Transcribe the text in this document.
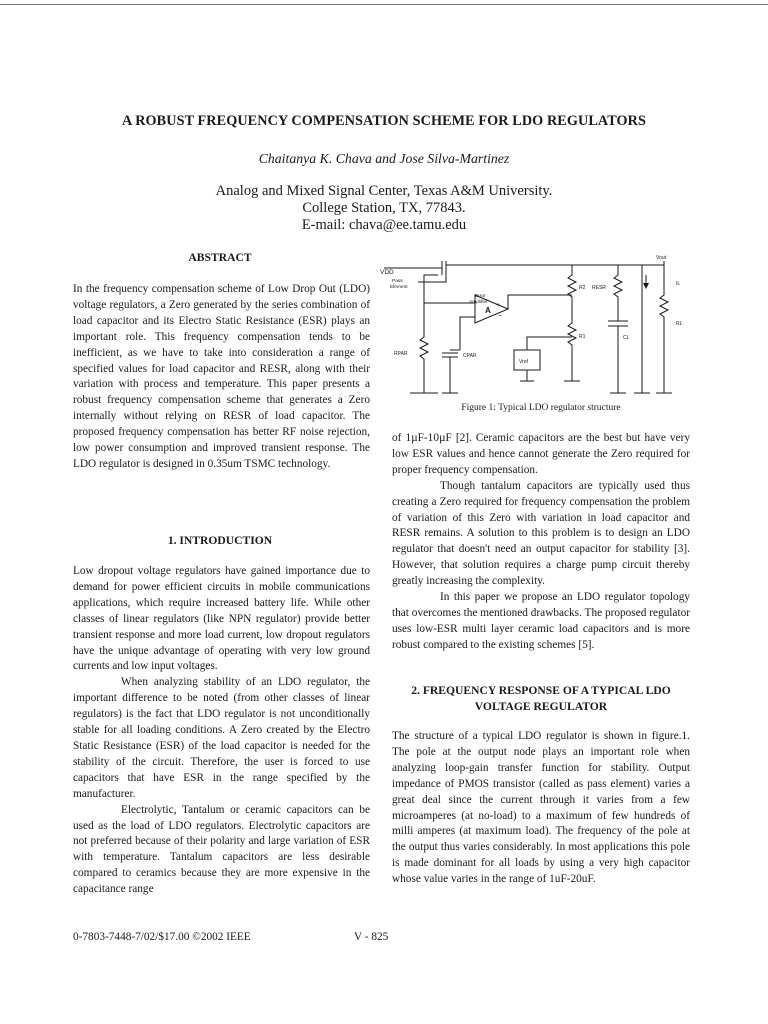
A ROBUST FREQUENCY COMPENSATION SCHEME FOR LDO REGULATORS
Chaitanya K. Chava and Jose Silva-Martinez
Analog and Mixed Signal Center, Texas A&M University.
College Station, TX, 77843.
E-mail: chava@ee.tamu.edu
ABSTRACT

In the frequency compensation scheme of Low Drop Out (LDO) voltage regulators, a Zero generated by the series combination of load capacitor and its Electro Static Resistance (ESR) plays an important role. This frequency compensation tends to be inefficient, as we have to take into consideration a range of specified values for load capacitor and RESR, along with their variation with process and temperature. This paper presents a robust frequency compensation scheme that generates a Zero internally without relying on RESR of load capacitor. The proposed frequency compensation has better RF noise rejection, low power consumption and improved transient response. The LDO regulator is designed in 0.35um TSMC technology.

1. INTRODUCTION

Low dropout voltage regulators have gained importance due to demand for power efficient circuits in mobile communications applications, which require increased battery life. While other classes of linear regulators (like NPN regulator) provide better transient response and more load current, low dropout regulators have the unique advantage of operating with very low ground currents and low input voltages.

When analyzing stability of an LDO regulator, the important difference to be noted (from other classes of linear regulators) is the fact that LDO regulator is not unconditionally stable for all loading conditions. A Zero created by the Electro Static Resistance (ESR) of the load capacitor is needed for the stability of the circuit. Therefore, the user is forced to use capacitors that have ESR in the range specified by the manufacturer.

Electrolytic, Tantalum or ceramic capacitors can be used as the load of LDO regulators. Electrolytic capacitors are not preferred because of their polarity and large variation of ESR with temperature. Tantalum capacitors are less desirable compared to ceramics because they are more expensive in the capacitance range

VDD
Pass
Element
Error
Amplifier
A
+
−
Vout
R2 RESR
R1	CL
IL
RL
RPAR	CPAR
Vref
Figure 1: Typical LDO regulator structure

of 1µF-10µF [2]. Ceramic capacitors are the best but have very low ESR values and hence cannot generate the Zero required for proper frequency compensation.

Though tantalum capacitors are typically used thus creating a Zero required for frequency compensation the problem of variation of this Zero with variation in load capacitor and RESR remains. A solution to this problem is to design an LDO regulator that doesn't need an output capacitor for stability [3]. However, that solution requires a charge pump circuit thereby greatly increasing the complexity.

In this paper we propose an LDO regulator topology that overcomes the mentioned drawbacks. The proposed regulator uses low-ESR multi layer ceramic load capacitors and is more robust compared to the existing schemes [5].

2. FREQUENCY RESPONSE OF A TYPICAL LDO
VOLTAGE REGULATOR

The structure of a typical LDO regulator is shown in figure.1. The pole at the output node plays an important role when analyzing loop-gain transfer function for stability. Output impedance of PMOS transistor (called as pass element) varies a great deal since the current through it varies from a few microamperes (at no-load) to a maximum of few hundreds of milli amperes (at maximum load). The frequency of the pole at the output thus varies considerably. In most applications this pole is made dominant for all loads by using a very high capacitor whose value varies in the range of 1uF-20uF.

0-7803-7448-7/02/$17.00 ©2002 IEEE	V - 825
